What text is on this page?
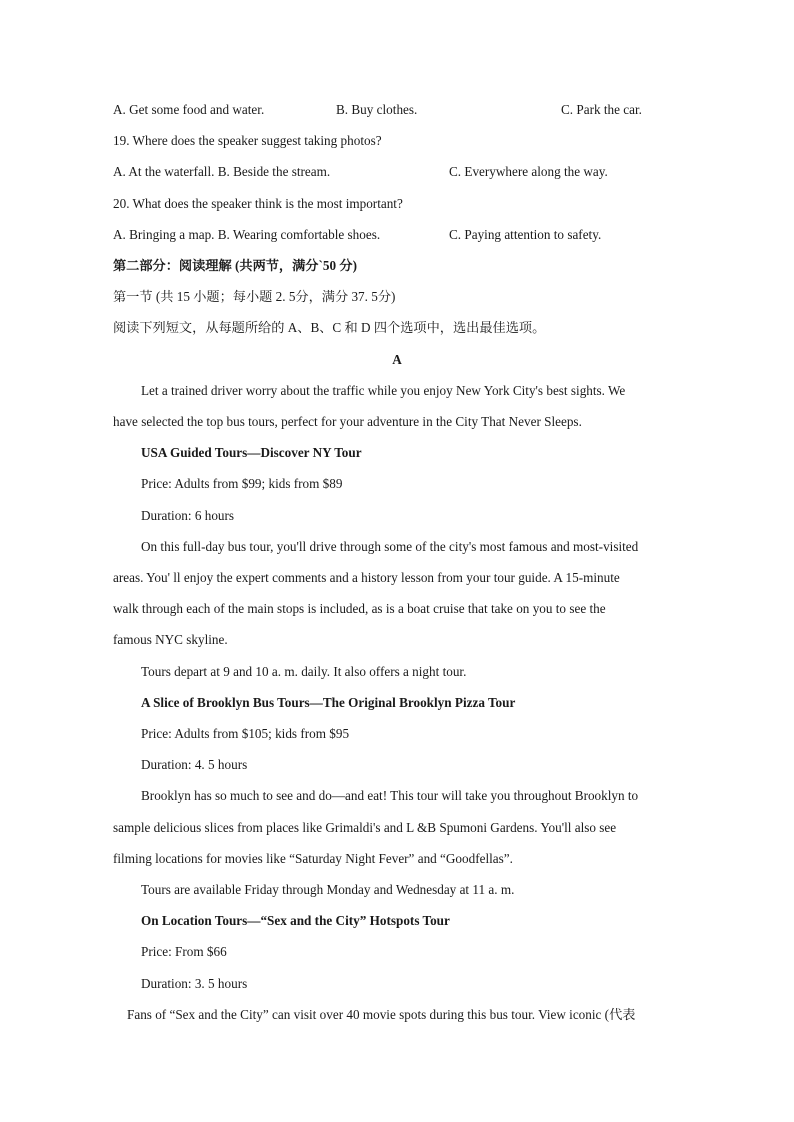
A. Get some food and water.	B. Buy clothes.	C. Park the car.
19. Where does the speaker suggest taking photos?
A. At the waterfall. B. Beside the stream.	C. Everywhere along the way.
20. What does the speaker think is the most important?
A. Bringing a map. B. Wearing comfortable shoes.	C. Paying attention to safety.
第二部分：阅读理解 (共两节，满分`50 分)
第一节 (共 15 小题；每小题 2. 5分，满分 37. 5分)
阅读下列短文，从每题所给的 A、B、C 和 D 四个选项中，选出最佳选项。
A
Let a trained driver worry about the traffic while you enjoy New York City's best sights. We
have selected the top bus tours, perfect for your adventure in the City That Never Sleeps.
USA Guided Tours—Discover NY Tour
Price: Adults from $99; kids from $89
Duration: 6 hours
On this full-day bus tour, you'll drive through some of the city's most famous and most-visited
areas. You' ll enjoy the expert comments and a history lesson from your tour guide. A 15-minute
walk through each of the main stops is included, as is a boat cruise that take on you to see the
famous NYC skyline.
Tours depart at 9 and 10 a. m. daily. It also offers a night tour.
A Slice of Brooklyn Bus Tours—The Original Brooklyn Pizza Tour
Price: Adults from $105; kids from $95
Duration: 4. 5 hours
Brooklyn has so much to see and do—and eat! This tour will take you throughout Brooklyn to
sample delicious slices from places like Grimaldi's and L &B Spumoni Gardens. You'll also see
filming locations for movies like “Saturday Night Fever” and “Goodfellas”.
Tours are available Friday through Monday and Wednesday at 11 a. m.
On Location Tours—“Sex and the City” Hotspots Tour
Price: From $66
Duration: 3. 5 hours
Fans of “Sex and the City” can visit over 40 movie spots during this bus tour. View iconic (代表
